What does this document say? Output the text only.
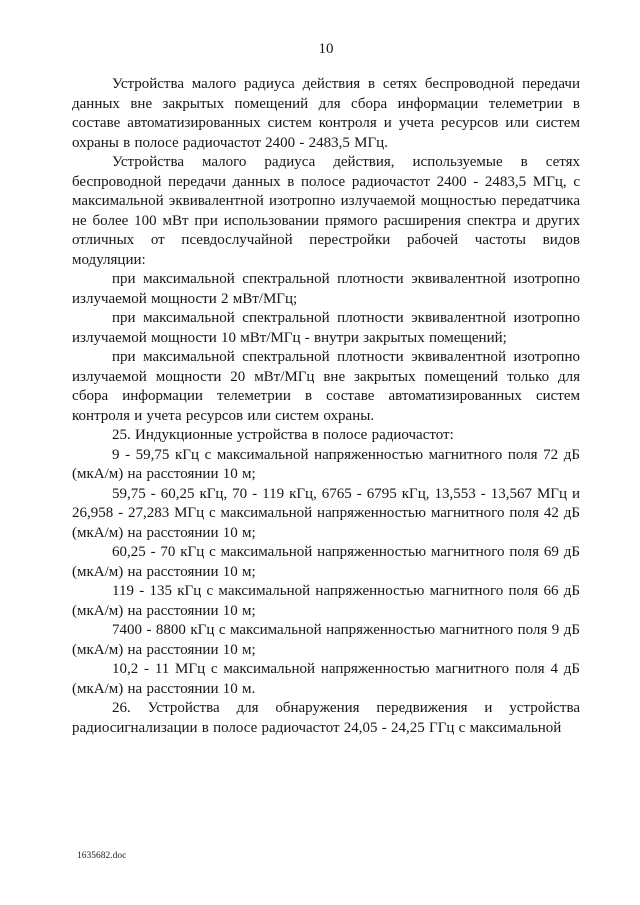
10

Устройства малого радиуса действия в сетях беспроводной передачи данных вне закрытых помещений для сбора информации телеметрии в составе автоматизированных систем контроля и учета ресурсов или систем охраны в полосе радиочастот 2400 - 2483,5 МГц.

Устройства малого радиуса действия, используемые в сетях беспроводной передачи данных в полосе радиочастот 2400 - 2483,5 МГц, с максимальной эквивалентной изотропно излучаемой мощностью передатчика не более 100 мВт при использовании прямого расширения спектра и других отличных от псевдослучайной перестройки рабочей частоты видов модуляции:

при максимальной спектральной плотности эквивалентной изотропно излучаемой мощности 2 мВт/МГц;

при максимальной спектральной плотности эквивалентной изотропно излучаемой мощности 10 мВт/МГц - внутри закрытых помещений;

при максимальной спектральной плотности эквивалентной изотропно излучаемой мощности 20 мВт/МГц вне закрытых помещений только для сбора информации телеметрии в составе автоматизированных систем контроля и учета ресурсов или систем охраны.

25. Индукционные устройства в полосе радиочастот:

9 - 59,75 кГц с максимальной напряженностью магнитного поля 72 дБ (мкА/м) на расстоянии 10 м;

59,75 - 60,25 кГц, 70 - 119 кГц, 6765 - 6795 кГц, 13,553 - 13,567 МГц и 26,958 - 27,283 МГц с максимальной напряженностью магнитного поля 42 дБ (мкА/м) на расстоянии 10 м;

60,25 - 70 кГц с максимальной напряженностью магнитного поля 69 дБ (мкА/м) на расстоянии 10 м;

119 - 135 кГц с максимальной напряженностью магнитного поля 66 дБ (мкА/м) на расстоянии 10 м;

7400 - 8800 кГц с максимальной напряженностью магнитного поля 9 дБ (мкА/м) на расстоянии 10 м;

10,2 - 11 МГц с максимальной напряженностью магнитного поля 4 дБ (мкА/м) на расстоянии 10 м.

26. Устройства для обнаружения передвижения и устройства радиосигнализации в полосе радиочастот 24,05 - 24,25 ГГц с максимальной

1635682.doc
